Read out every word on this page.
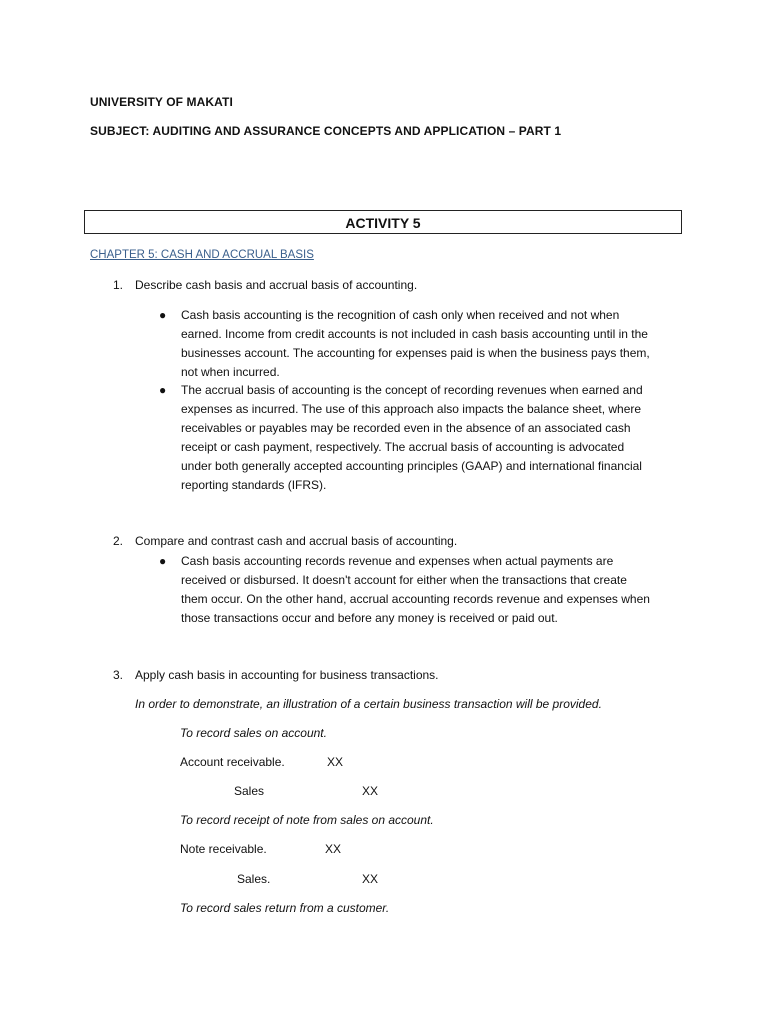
UNIVERSITY OF MAKATI
SUBJECT: AUDITING AND ASSURANCE CONCEPTS AND APPLICATION – PART 1
ACTIVITY 5
CHAPTER 5: CASH AND ACCRUAL BASIS
1. Describe cash basis and accrual basis of accounting.
● Cash basis accounting is the recognition of cash only when received and not when
earned. Income from credit accounts is not included in cash basis accounting until in the
businesses account. The accounting for expenses paid is when the business pays them,
not when incurred.
● The accrual basis of accounting is the concept of recording revenues when earned and
expenses as incurred. The use of this approach also impacts the balance sheet, where
receivables or payables may be recorded even in the absence of an associated cash
receipt or cash payment, respectively. The accrual basis of accounting is advocated
under both generally accepted accounting principles (GAAP) and international financial
reporting standards (IFRS).
2. Compare and contrast cash and accrual basis of accounting.
● Cash basis accounting records revenue and expenses when actual payments are
received or disbursed. It doesn't account for either when the transactions that create
them occur. On the other hand, accrual accounting records revenue and expenses when
those transactions occur and before any money is received or paid out.
3. Apply cash basis in accounting for business transactions.
In order to demonstrate, an illustration of a certain business transaction will be provided.
To record sales on account.
Account receivable.	XX
Sales	XX
To record receipt of note from sales on account.
Note receivable.	XX
Sales.	XX
To record sales return from a customer.
